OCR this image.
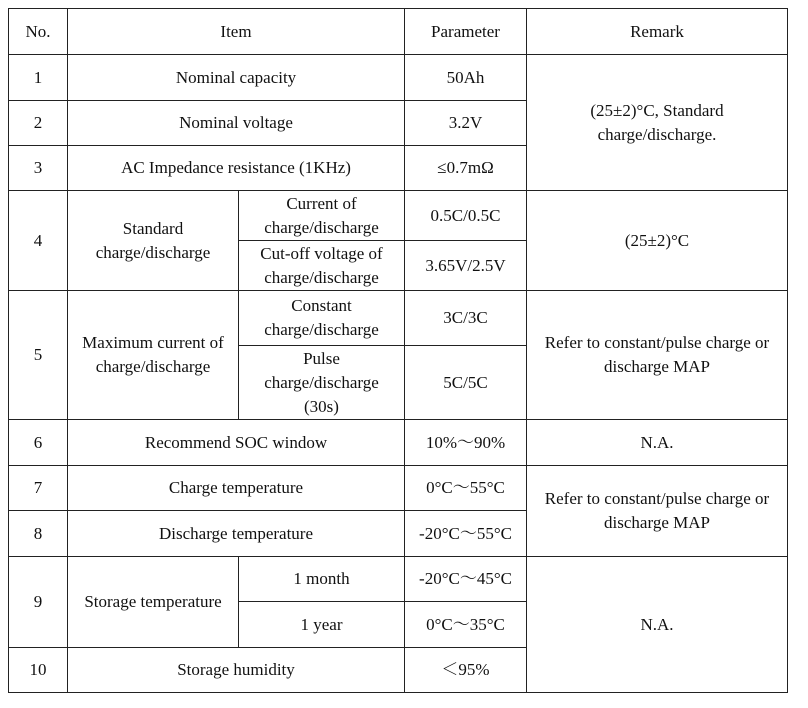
No.	Item		Parameter	Remark
1	Nominal capacity		50Ah	(25±2)°C, Standard charge/discharge.
2	Nominal voltage		3.2V	
3	AC Impedance resistance (1KHz)		≤0.7mΩ	
4	Standard charge/discharge	Current of charge/discharge	0.5C/0.5C	(25±2)°C
		Cut-off voltage of charge/discharge	3.65V/2.5V	
5	Maximum current of charge/discharge	Constant charge/discharge	3C/3C	Refer to constant/pulse charge or discharge MAP
		Pulse charge/discharge (30s)	5C/5C	
6	Recommend SOC window		10%～90%	N.A.
7	Charge temperature		0°C～55°C	Refer to constant/pulse charge or discharge MAP
8	Discharge temperature		-20°C～55°C	
9	Storage temperature	1 month	-20°C～45°C	N.A.
		1 year	0°C～35°C	
10	Storage humidity		＜95%	
